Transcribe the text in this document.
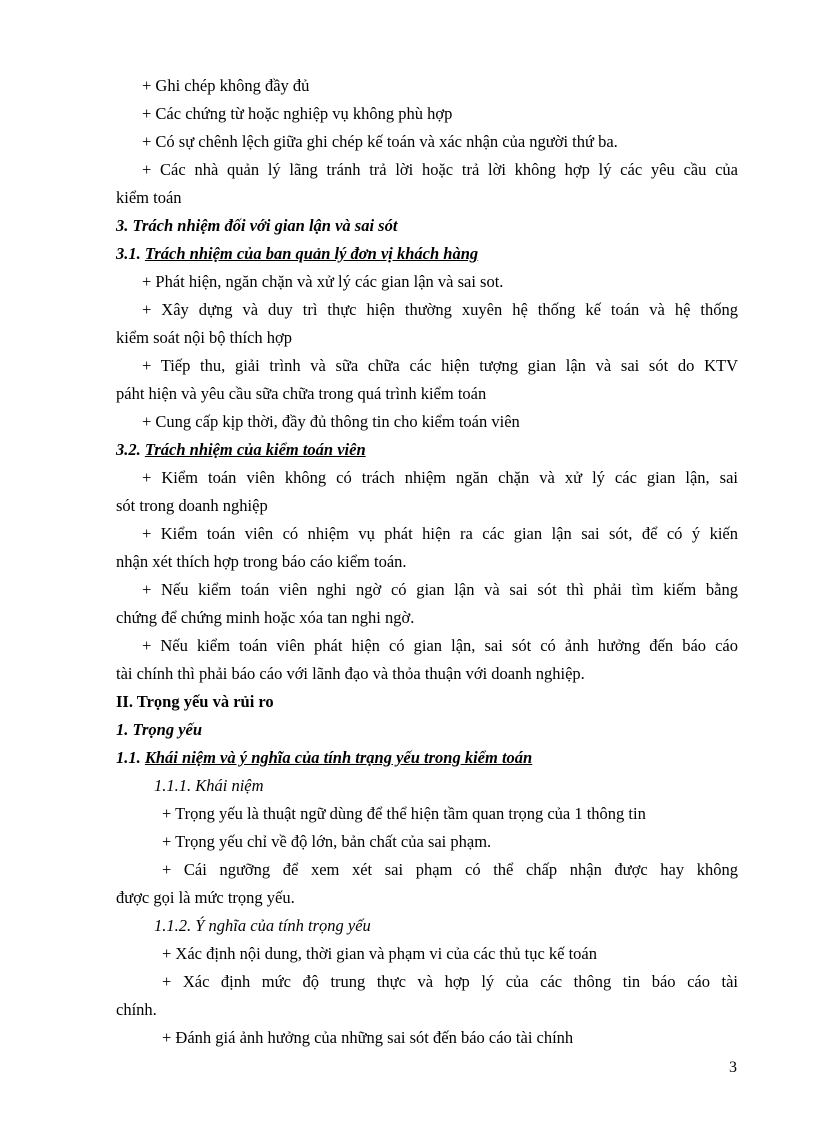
+ Ghi chép không đầy đủ
+ Các chứng từ hoặc nghiệp vụ không phù hợp
+ Có sự chênh lệch giữa ghi chép kế toán và xác nhận của người thứ ba.
+ Các nhà quản lý lãng tránh trả lời hoặc trả lời không hợp lý các yêu cầu của
kiểm toán
3. Trách nhiệm đối với gian lận và sai sót
3.1. Trách nhiệm của ban quản lý đơn vị khách hàng
+ Phát hiện, ngăn chặn và xử lý các gian lận và sai sot.
+ Xây dựng và duy trì thực hiện thường xuyên hệ thống kế toán và hệ thống
kiểm soát nội bộ thích hợp
+ Tiếp thu, giải trình và sữa chữa các hiện tượng gian lận và sai sót do KTV
páht hiện và yêu cầu sữa chữa trong quá trình kiểm toán
+ Cung cấp kịp thời, đầy đủ thông tin cho kiểm toán viên
3.2. Trách nhiệm của kiểm toán viên
+ Kiểm toán viên không có trách nhiệm ngăn chặn và xử lý các gian lận, sai
sót trong doanh nghiệp
+ Kiểm toán viên có nhiệm vụ phát hiện ra các gian lận sai sót, để có ý kiến
nhận xét thích hợp trong báo cáo kiểm toán.
+ Nếu kiểm toán viên nghi ngờ có gian lận và sai sót thì phải tìm kiếm bằng
chứng để chứng minh hoặc xóa tan nghi ngờ.
+ Nếu kiểm toán viên phát hiện có gian lận, sai sót có ảnh hưởng đến báo cáo
tài chính thì phải báo cáo với lãnh đạo và thỏa thuận với doanh nghiệp.
II. Trọng yếu và rủi ro
1. Trọng yếu
1.1. Khái niệm và ý nghĩa của tính trạng yếu trong kiểm toán
1.1.1. Khái niệm
+ Trọng yếu là thuật ngữ dùng để thể hiện tầm quan trọng của 1 thông tin
+ Trọng yếu chỉ về độ lớn, bản chất của sai phạm.
+ Cái ngưỡng để xem xét sai phạm có thể chấp nhận được hay không
được gọi là mức trọng yếu.
1.1.2. Ý nghĩa của tính trọng yếu
+ Xác định nội dung, thời gian và phạm vi của các thủ tục kế toán
+ Xác định mức độ trung thực và hợp lý của các thông tin báo cáo tài
chính.
+ Đánh giá ảnh hưởng của những sai sót đến báo cáo tài chính
3
